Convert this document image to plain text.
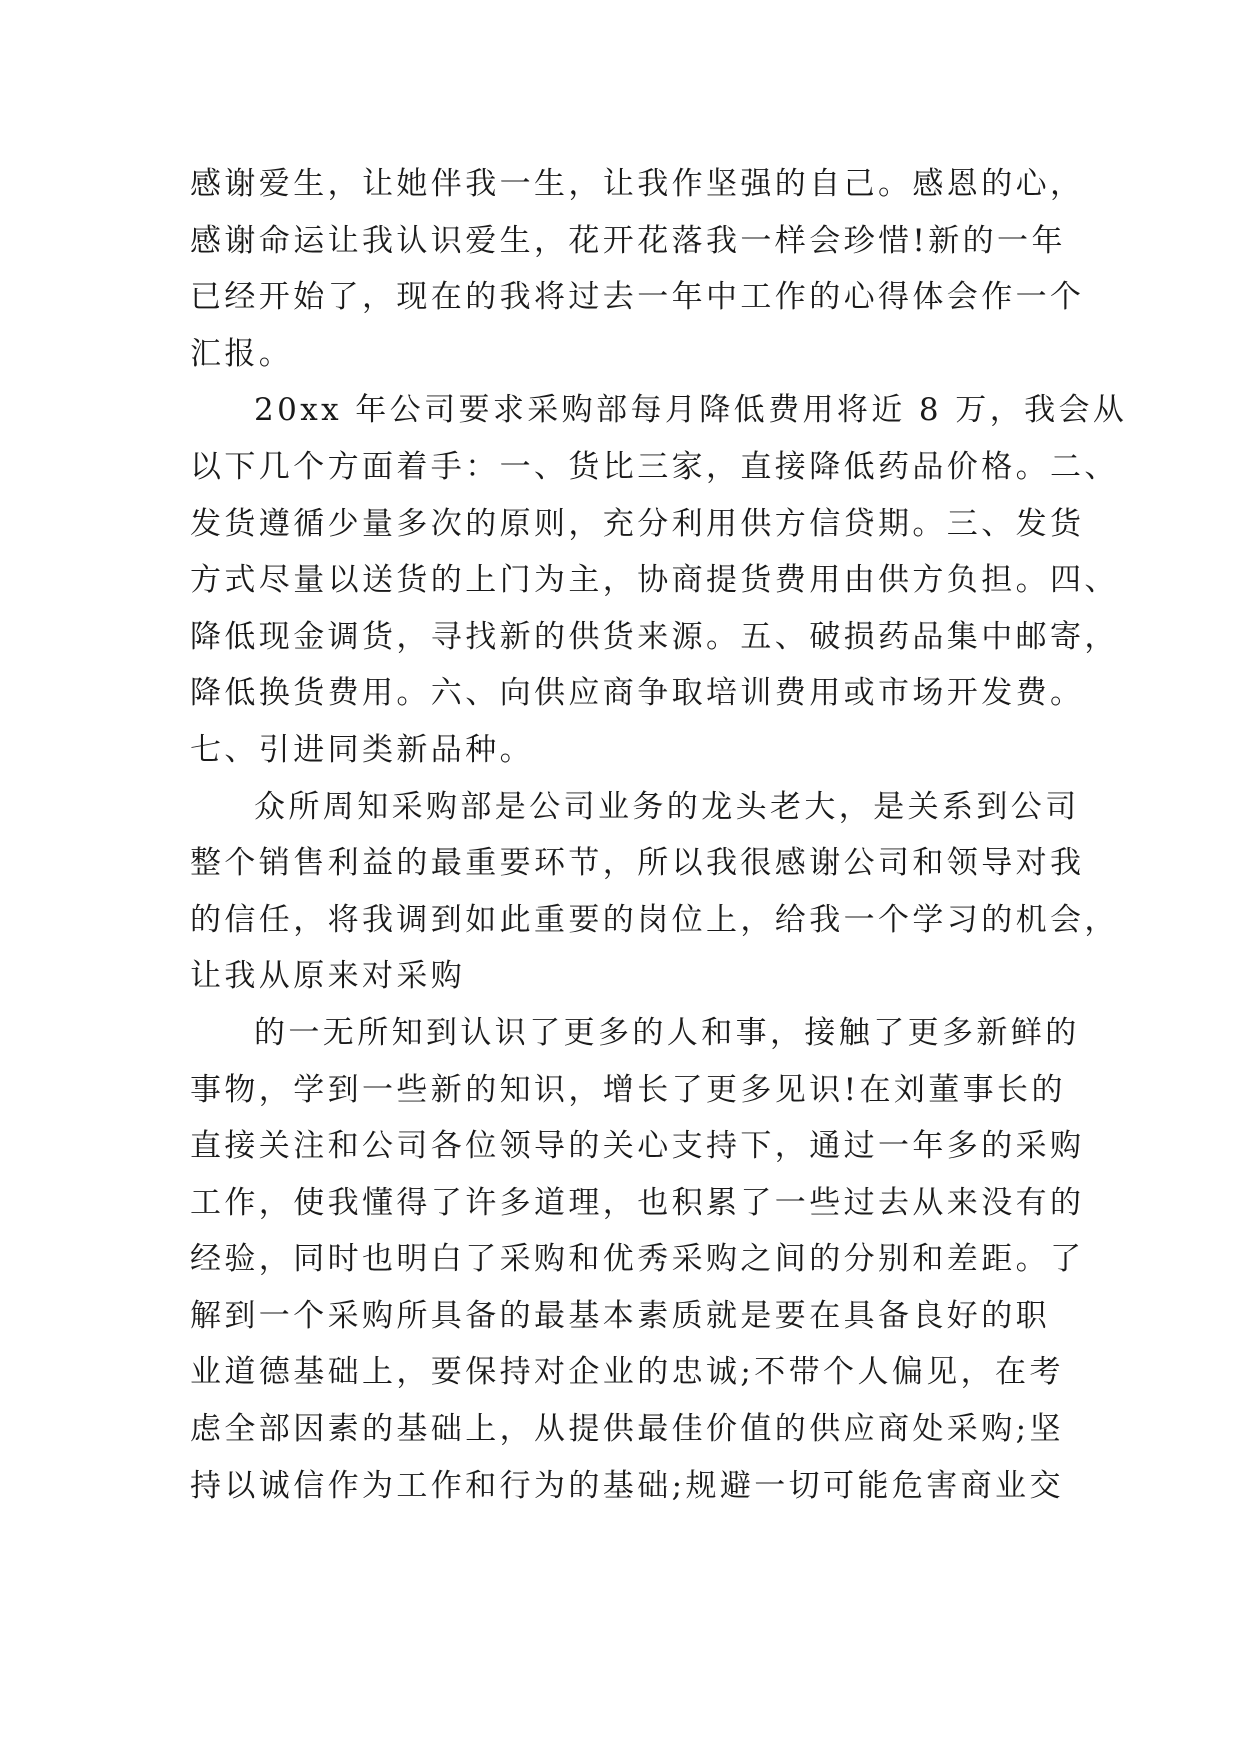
感谢爱生，让她伴我一生，让我作坚强的自己。感恩的心，
感谢命运让我认识爱生，花开花落我一样会珍惜!新的一年
已经开始了，现在的我将过去一年中工作的心得体会作一个
汇报。
20xx 年公司要求采购部每月降低费用将近 8 万，我会从
以下几个方面着手：一、货比三家，直接降低药品价格。二、
发货遵循少量多次的原则，充分利用供方信贷期。三、发货
方式尽量以送货的上门为主，协商提货费用由供方负担。四、
降低现金调货，寻找新的供货来源。五、破损药品集中邮寄，
降低换货费用。六、向供应商争取培训费用或市场开发费。
七、引进同类新品种。
众所周知采购部是公司业务的龙头老大，是关系到公司
整个销售利益的最重要环节，所以我很感谢公司和领导对我
的信任，将我调到如此重要的岗位上，给我一个学习的机会，
让我从原来对采购
的一无所知到认识了更多的人和事，接触了更多新鲜的
事物，学到一些新的知识，增长了更多见识!在刘董事长的
直接关注和公司各位领导的关心支持下，通过一年多的采购
工作，使我懂得了许多道理，也积累了一些过去从来没有的
经验，同时也明白了采购和优秀采购之间的分别和差距。了
解到一个采购所具备的最基本素质就是要在具备良好的职
业道德基础上，要保持对企业的忠诚;不带个人偏见，在考
虑全部因素的基础上，从提供最佳价值的供应商处采购;坚
持以诚信作为工作和行为的基础;规避一切可能危害商业交
